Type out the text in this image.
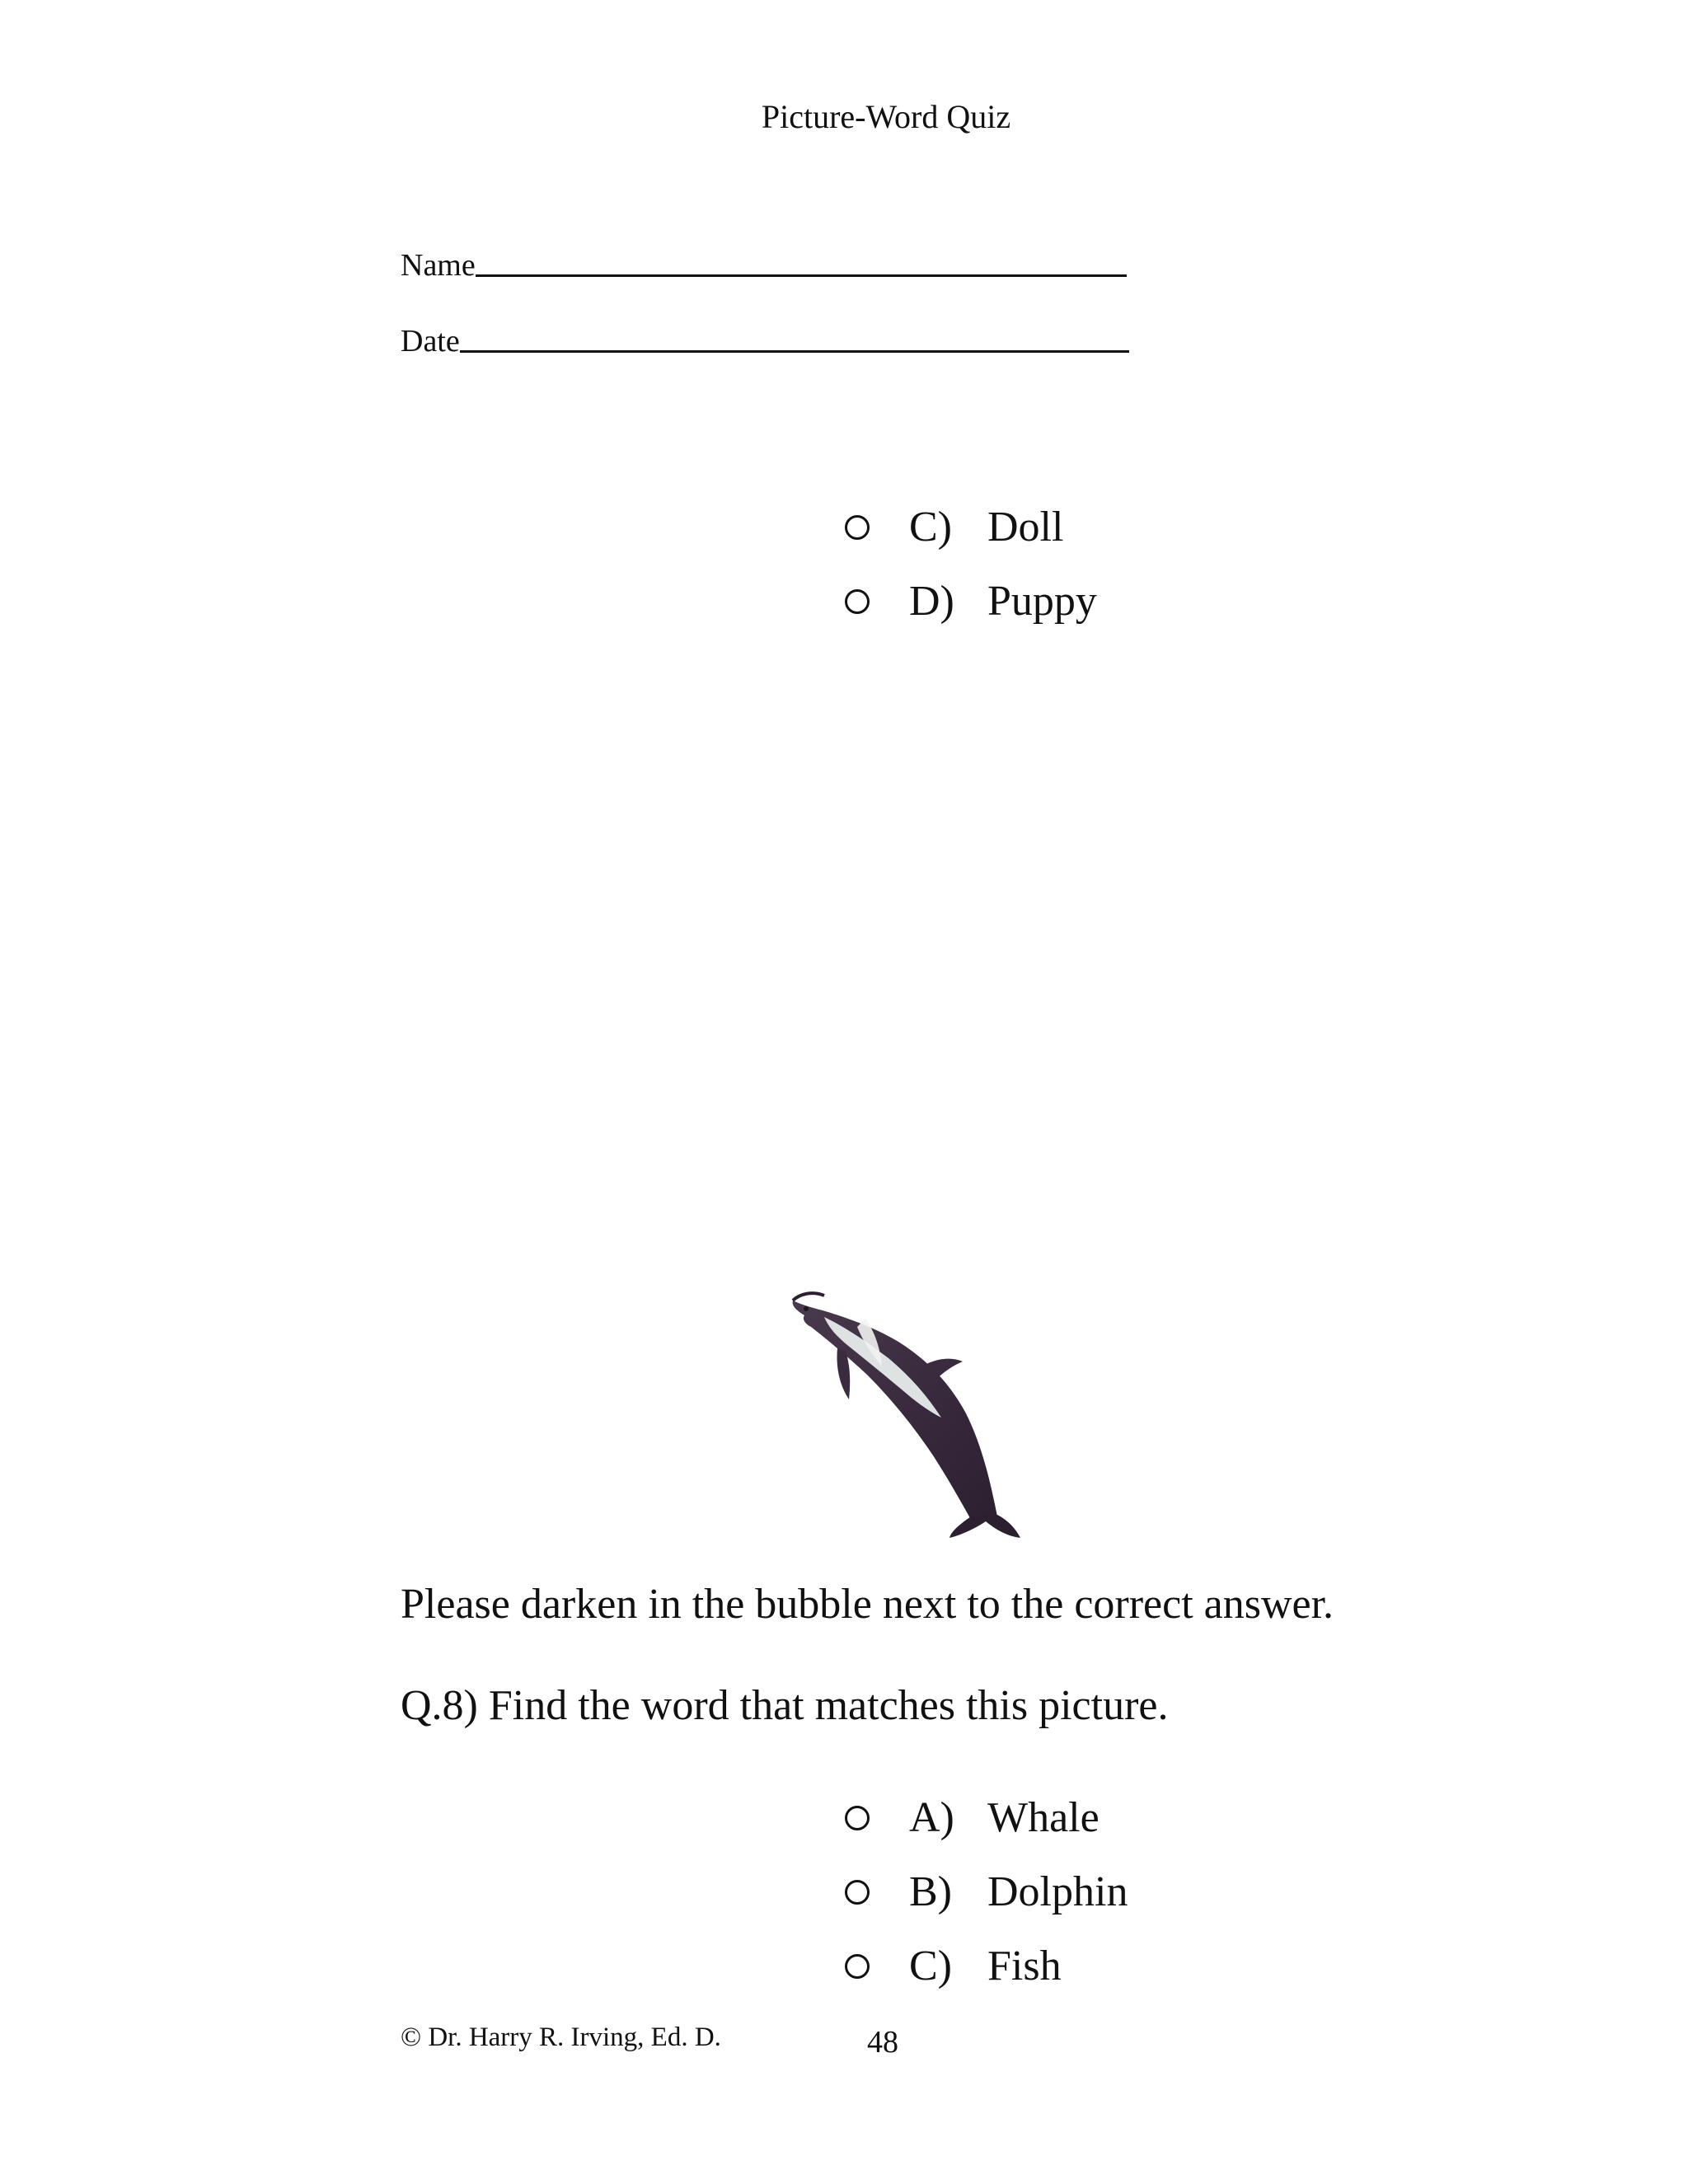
Picture-Word Quiz
Name
Date
C) Doll
D) Puppy
Please darken in the bubble next to the correct answer.
Q.8) Find the word that matches this picture.
A) Whale
B) Dolphin
C) Fish
© Dr. Harry R. Irving, Ed. D.	48
